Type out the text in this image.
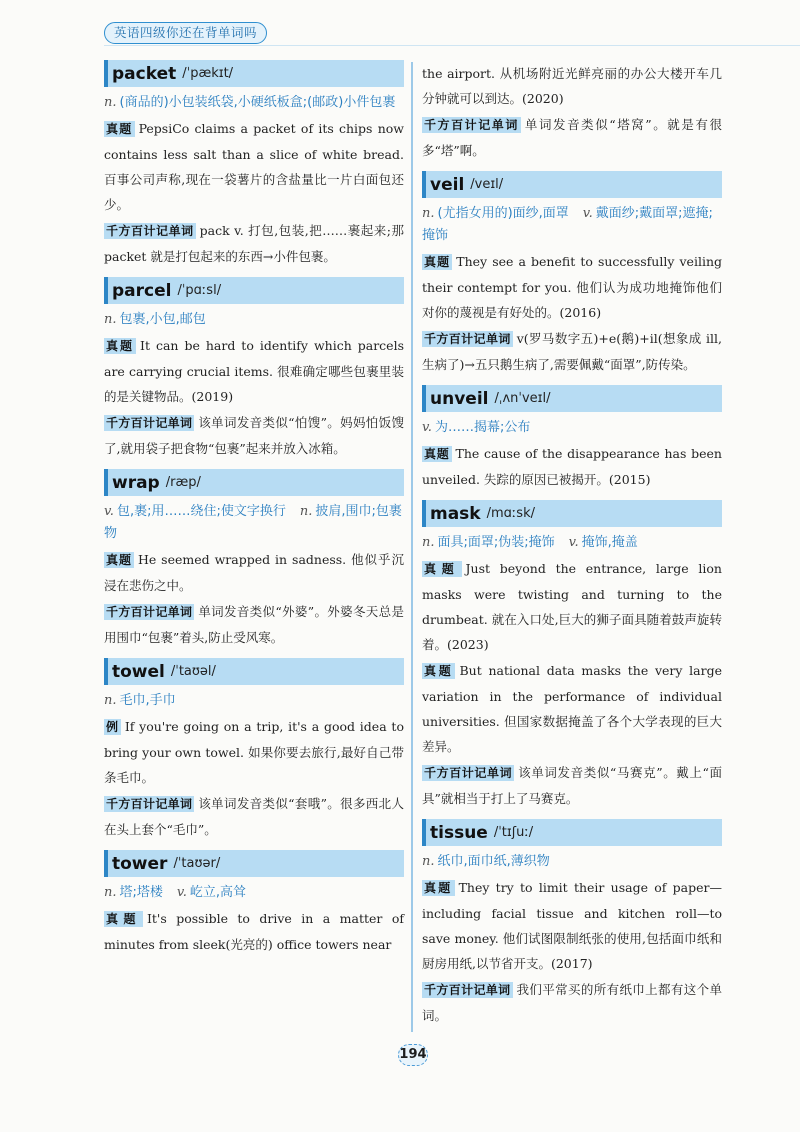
英语四级你还在背单词吗
packet /ˈpækɪt/
n. (商品的)小包装纸袋,小硬纸板盒;(邮政)小件包裹

真题 PepsiCo claims a packet of its chips now contains less salt than a slice of white bread. 百事公司声称,现在一袋薯片的含盐量比一片白面包还少。

千方百计记单词 pack v. 打包,包装,把……裹起来;那 packet 就是打包起来的东西→小件包裹。

parcel /ˈpɑːsl/
n. 包裹,小包,邮包

真题 It can be hard to identify which parcels are carrying crucial items. 很难确定哪些包裹里装的是关键物品。(2019)

千方百计记单词 该单词发音类似“怕馊”。妈妈怕饭馊了,就用袋子把食物“包裹”起来并放入冰箱。

wrap /ræp/
v. 包,裹;用……绕住;使文字换行 n. 披肩,围巾;包裹物

真题 He seemed wrapped in sadness. 他似乎沉浸在悲伤之中。

千方百计记单词 单词发音类似“外婆”。外婆冬天总是用围巾“包裹”着头,防止受风寒。

towel /ˈtaʊəl/
n. 毛巾,手巾

例 If you're going on a trip, it's a good idea to bring your own towel. 如果你要去旅行,最好自己带条毛巾。

千方百计记单词 该单词发音类似“套哦”。很多西北人在头上套个“毛巾”。

tower /ˈtaʊər/
n. 塔;塔楼 v. 屹立,高耸

真题 It's possible to drive in a matter of minutes from sleek(光亮的) office towers near

the airport. 从机场附近光鲜亮丽的办公大楼开车几分钟就可以到达。(2020)

千方百计记单词 单词发音类似“塔窝”。就是有很多“塔”啊。

veil /veɪl/
n. (尤指女用的)面纱,面罩 v. 戴面纱;戴面罩;遮掩;掩饰

真题 They see a benefit to successfully veiling their contempt for you. 他们认为成功地掩饰他们对你的蔑视是有好处的。(2016)

千方百计记单词 v(罗马数字五)+e(鹅)+il(想象成 ill,生病了)→五只鹅生病了,需要佩戴“面罩”,防传染。

unveil /ˌʌnˈveɪl/
v. 为……揭幕;公布

真题 The cause of the disappearance has been unveiled. 失踪的原因已被揭开。(2015)

mask /mɑːsk/
n. 面具;面罩;伪装;掩饰 v. 掩饰,掩盖

真题 Just beyond the entrance, large lion masks were twisting and turning to the drumbeat. 就在入口处,巨大的狮子面具随着鼓声旋转着。(2023)

真题 But national data masks the very large variation in the performance of individual universities. 但国家数据掩盖了各个大学表现的巨大差异。

千方百计记单词 该单词发音类似“马赛克”。戴上“面具”就相当于打上了马赛克。

tissue /ˈtɪʃuː/
n. 纸巾,面巾纸,薄织物

真题 They try to limit their usage of paper—including facial tissue and kitchen roll—to save money. 他们试图限制纸张的使用,包括面巾纸和厨房用纸,以节省开支。(2017)

千方百计记单词 我们平常买的所有纸巾上都有这个单词。

194
